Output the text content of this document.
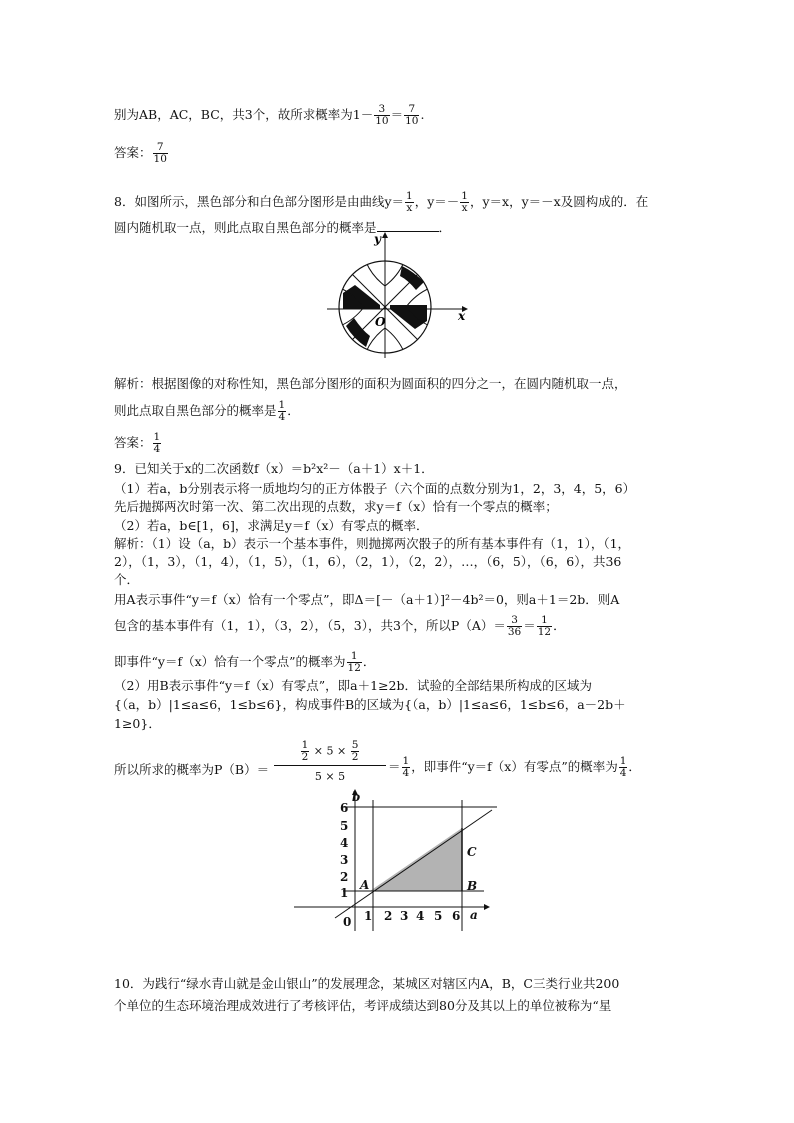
别为AB，AC，BC，共3个，故所求概率为$1- \frac{3}{10} = \frac{7}{10}$ .
答案： $\frac{7}{10}$
8．如图所示，黑色部分和白色部分图形是由曲线$y= \frac{1}{x}$ ，$y=- \frac{1}{x}$ ，y＝x，y＝－x及圆构成的．在
圆内随机取一点，则此点取自黑色部分的概率是	．
x
y
O
解析：根据图像的对称性知，黑色部分图形的面积为圆面积的四分之一，在圆内随机取一点，
则此点取自黑色部分的概率是 $\frac{1}{4}$ ．
答案： $\frac{1}{4}$
9．已知关于x的二次函数f（x）＝b²x²－（a＋1）x＋1．
（1）若a，b分别表示将一质地均匀的正方体骰子（六个面的点数分别为1，2，3，4，5，6）
先后抛掷两次时第一次、第二次出现的点数，求y＝f（x）恰有一个零点的概率；
（2）若a，b∈[1，6]，求满足y＝f（x）有零点的概率．
解析：（1）设（a，b）表示一个基本事件，则抛掷两次骰子的所有基本事件有（1，1），（1，
2），（1，3），（1，4），（1，5），（1，6），（2，1），（2，2），…，（6，5），（6，6），共36
个．
用A表示事件“y＝f（x）恰有一个零点”，即Δ＝[－（a＋1）]²－4b²＝0，则a＋1＝2b．则A
包含的基本事件有（1，1），（3，2），（5，3），共3个，所以$P(A)= \frac{3}{36} = \frac{1}{12}$ ．
即事件“y＝f（x）恰有一个零点”的概率为 $\frac{1}{12}$ ．
（2）用B表示事件“y＝f（x）有零点”，即a＋1≥2b．试验的全部结果所构成的区域为
{（a，b）|1≤a≤6，1≤b≤6}，构成事件B的区域为{（a，b）|1≤a≤6，1≤b≤6，a－2b＋
1≥0}．
所以所求的概率为P（B）＝
$\frac{1}{2} \times 5 \times \frac{5}{2}$
5 × 5
＝ $\frac{1}{4}$ ，即事件“y＝f（x）有零点”的概率为 $\frac{1}{4}$ ．
6
5
4
3
2
1
1 2 3 4 5 6
0
b
a
A	B
C
10．为践行“绿水青山就是金山银山”的发展理念，某城区对辖区内A，B，C三类行业共200
个单位的生态环境治理成效进行了考核评估，考评成绩达到80分及其以上的单位被称为“星
